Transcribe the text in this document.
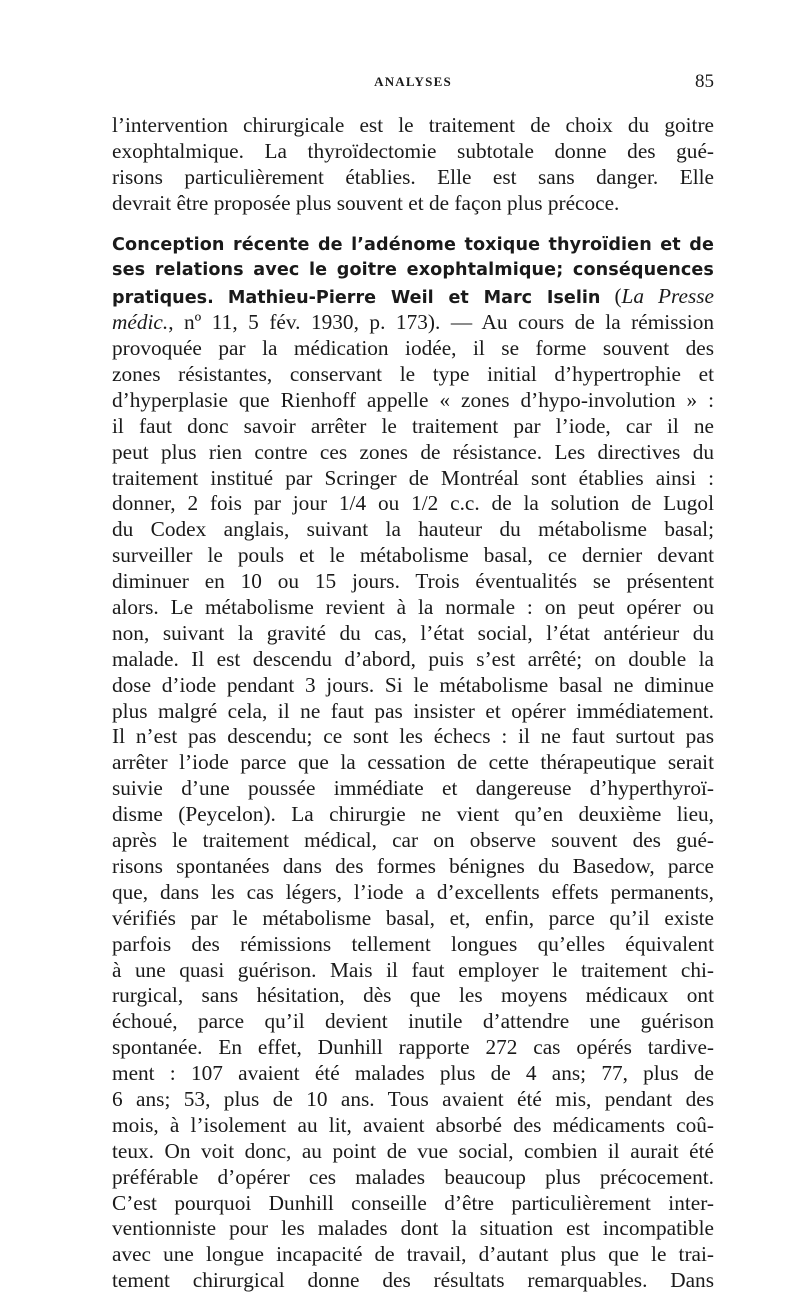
ANALYSES	85
l’intervention chirurgicale est le traitement de choix du goitre
exophtalmique. La thyroïdectomie subtotale donne des gué-
risons particulièrement établies. Elle est sans danger. Elle
devrait être proposée plus souvent et de façon plus précoce.
Conception récente de l’adénome toxique thyroïdien et de
ses relations avec le goitre exophtalmique; conséquences
pratiques. Mathieu-Pierre Weil et Marc Iselin (La Presse
médic., nº 11, 5 fév. 1930, p. 173). — Au cours de la rémission
provoquée par la médication iodée, il se forme souvent des
zones résistantes, conservant le type initial d’hypertrophie et
d’hyperplasie que Rienhoff appelle « zones d’hypo-involution » :
il faut donc savoir arrêter le traitement par l’iode, car il ne
peut plus rien contre ces zones de résistance. Les directives du
traitement institué par Scringer de Montréal sont établies ainsi :
donner, 2 fois par jour 1/4 ou 1/2 c.c. de la solution de Lugol
du Codex anglais, suivant la hauteur du métabolisme basal;
surveiller le pouls et le métabolisme basal, ce dernier devant
diminuer en 10 ou 15 jours. Trois éventualités se présentent
alors. Le métabolisme revient à la normale : on peut opérer ou
non, suivant la gravité du cas, l’état social, l’état antérieur du
malade. Il est descendu d’abord, puis s’est arrêté; on double la
dose d’iode pendant 3 jours. Si le métabolisme basal ne diminue
plus malgré cela, il ne faut pas insister et opérer immédiatement.
Il n’est pas descendu; ce sont les échecs : il ne faut surtout pas
arrêter l’iode parce que la cessation de cette thérapeutique serait
suivie d’une poussée immédiate et dangereuse d’hyperthyroï-
disme (Peycelon). La chirurgie ne vient qu’en deuxième lieu,
après le traitement médical, car on observe souvent des gué-
risons spontanées dans des formes bénignes du Basedow, parce
que, dans les cas légers, l’iode a d’excellents effets permanents,
vérifiés par le métabolisme basal, et, enfin, parce qu’il existe
parfois des rémissions tellement longues qu’elles équivalent
à une quasi guérison. Mais il faut employer le traitement chi-
rurgical, sans hésitation, dès que les moyens médicaux ont
échoué, parce qu’il devient inutile d’attendre une guérison
spontanée. En effet, Dunhill rapporte 272 cas opérés tardive-
ment : 107 avaient été malades plus de 4 ans; 77, plus de
6 ans; 53, plus de 10 ans. Tous avaient été mis, pendant des
mois, à l’isolement au lit, avaient absorbé des médicaments coû-
teux. On voit donc, au point de vue social, combien il aurait été
préférable d’opérer ces malades beaucoup plus précocement.
C’est pourquoi Dunhill conseille d’être particulièrement inter-
ventionniste pour les malades dont la situation est incompatible
avec une longue incapacité de travail, d’autant plus que le trai-
tement chirurgical donne des résultats remarquables. Dans
